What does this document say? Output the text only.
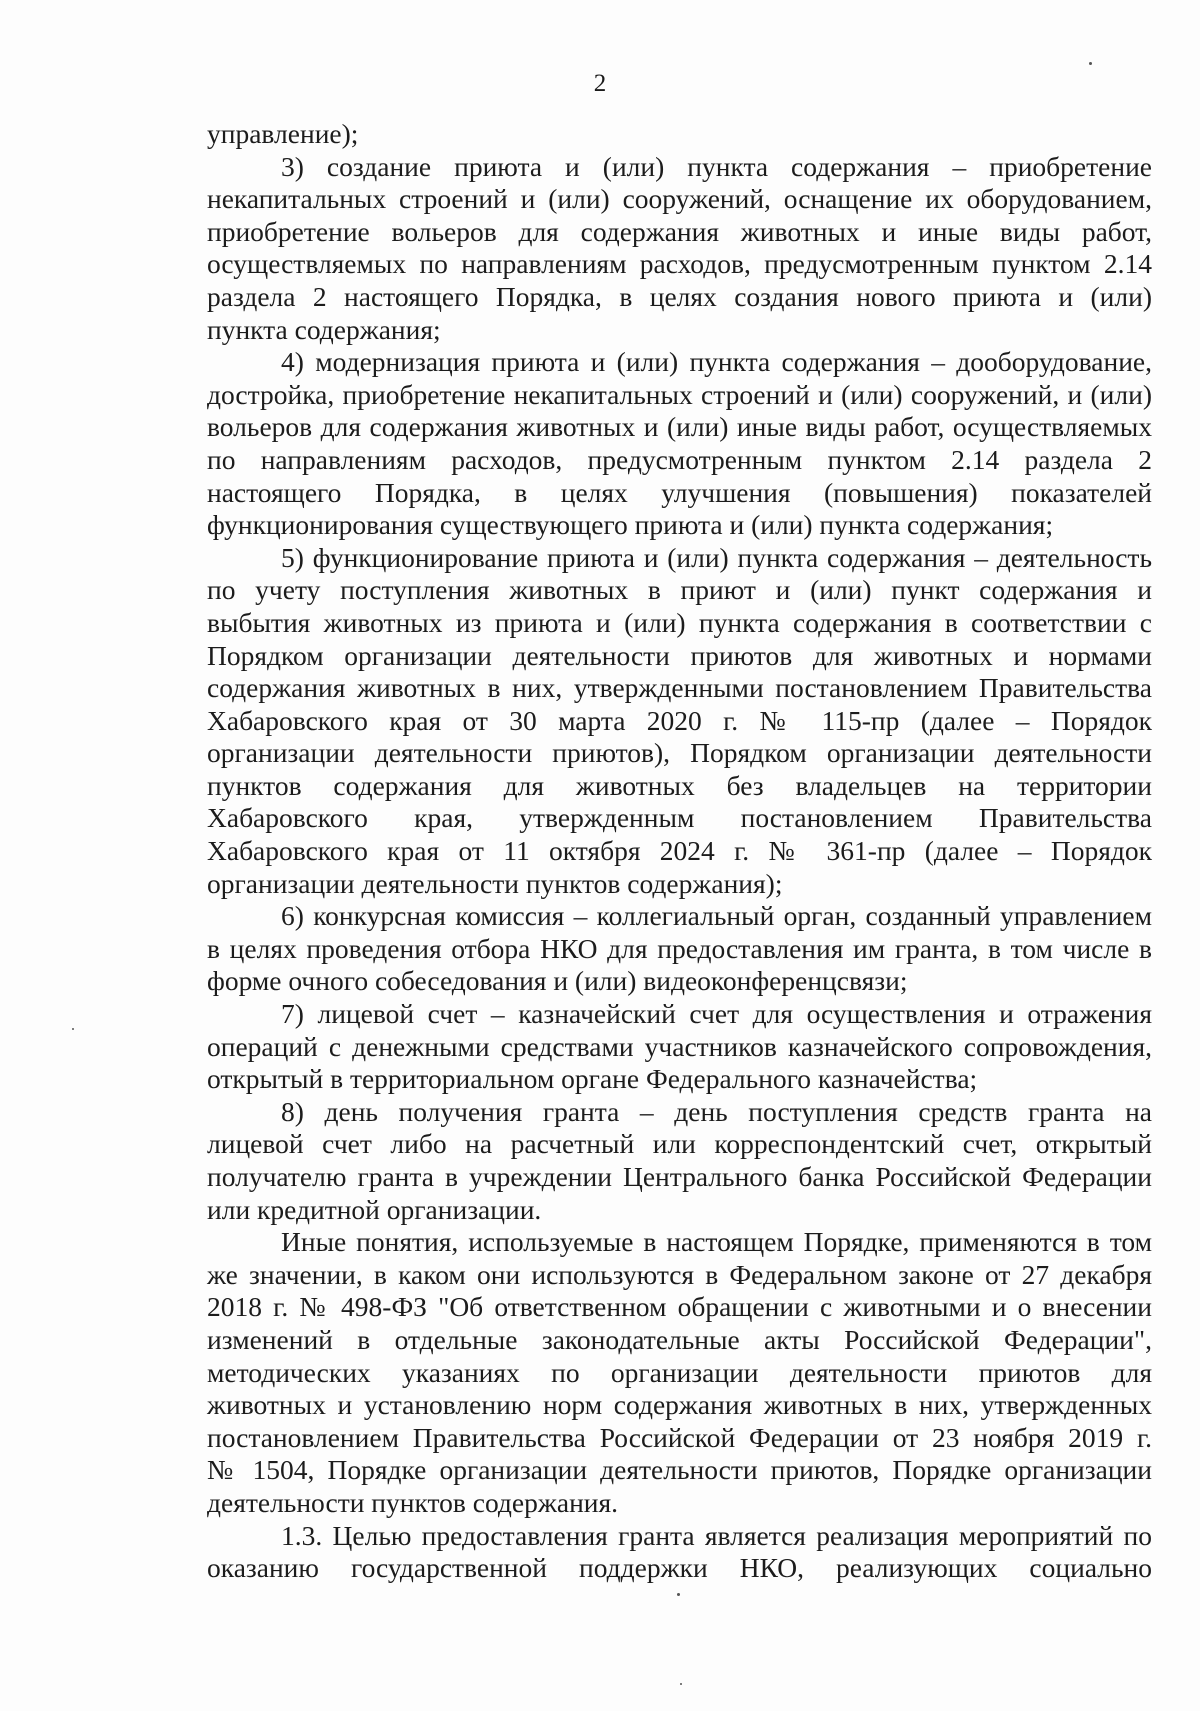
2
управление);
3) создание приюта и (или) пункта содержания – приобретение
некапитальных строений и (или) сооружений, оснащение их оборудованием,
приобретение вольеров для содержания животных и иные виды работ,
осуществляемых по направлениям расходов, предусмотренным пунктом 2.14
раздела 2 настоящего Порядка, в целях создания нового приюта и (или)
пункта содержания;
4) модернизация приюта и (или) пункта содержания – дооборудование,
достройка, приобретение некапитальных строений и (или) сооружений, и (или)
вольеров для содержания животных и (или) иные виды работ, осуществляемых
по направлениям расходов, предусмотренным пунктом 2.14 раздела 2
настоящего Порядка, в целях улучшения (повышения) показателей
функционирования существующего приюта и (или) пункта содержания;
5) функционирование приюта и (или) пункта содержания – деятельность
по учету поступления животных в приют и (или) пункт содержания и
выбытия животных из приюта и (или) пункта содержания в соответствии с
Порядком организации деятельности приютов для животных и нормами
содержания животных в них, утвержденными постановлением Правительства
Хабаровского края от 30 марта 2020 г. № 115-пр (далее – Порядок
организации деятельности приютов), Порядком организации деятельности
пунктов содержания для животных без владельцев на территории
Хабаровского края, утвержденным постановлением Правительства
Хабаровского края от 11 октября 2024 г. № 361-пр (далее – Порядок
организации деятельности пунктов содержания);
6) конкурсная комиссия – коллегиальный орган, созданный управлением
в целях проведения отбора НКО для предоставления им гранта, в том числе в
форме очного собеседования и (или) видеоконференцсвязи;
7) лицевой счет – казначейский счет для осуществления и отражения
операций с денежными средствами участников казначейского сопровождения,
открытый в территориальном органе Федерального казначейства;
8) день получения гранта – день поступления средств гранта на
лицевой счет либо на расчетный или корреспондентский счет, открытый
получателю гранта в учреждении Центрального банка Российской Федерации
или кредитной организации.
Иные понятия, используемые в настоящем Порядке, применяются в том
же значении, в каком они используются в Федеральном законе от 27 декабря
2018 г. № 498-ФЗ "Об ответственном обращении с животными и о внесении
изменений в отдельные законодательные акты Российской Федерации",
методических указаниях по организации деятельности приютов для
животных и установлению норм содержания животных в них, утвержденных
постановлением Правительства Российской Федерации от 23 ноября 2019 г.
№ 1504, Порядке организации деятельности приютов, Порядке организации
деятельности пунктов содержания.
1.3. Целью предоставления гранта является реализация мероприятий по
оказанию государственной поддержки НКО, реализующих социально
